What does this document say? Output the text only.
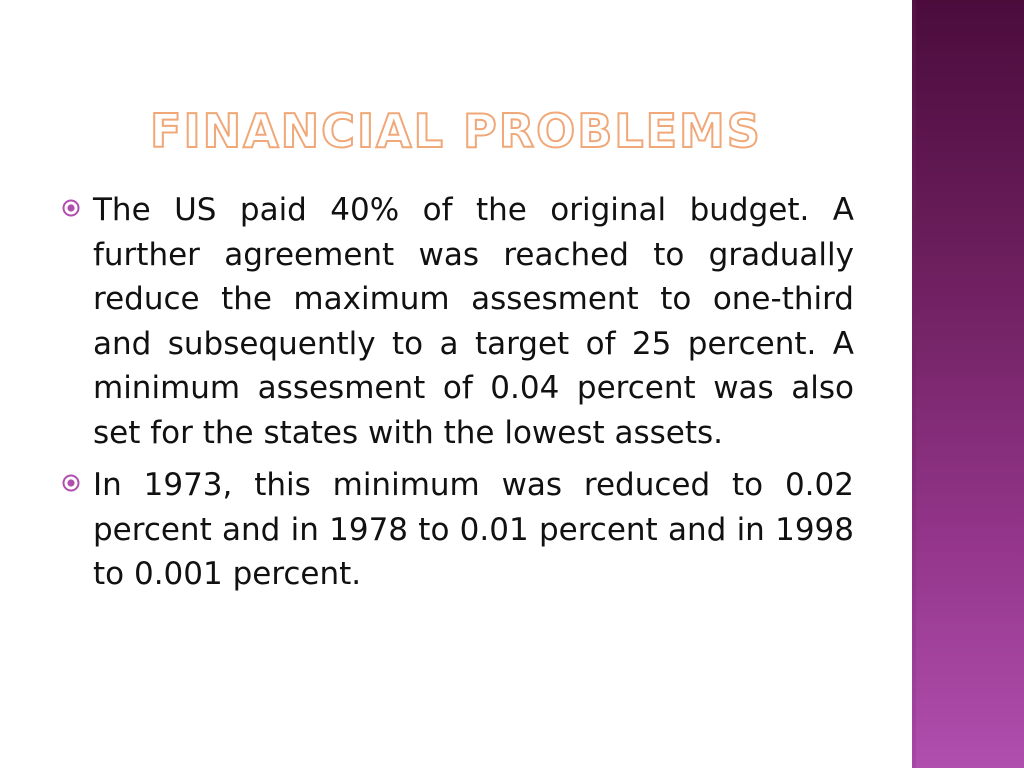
FINANCIAL PROBLEMS
The US paid 40% of the original budget. A further agreement was reached to gradually reduce the maximum assesment to one-third and subsequently to a target of 25 percent. A minimum assesment of 0.04 percent was also set for the states with the lowest assets.
In 1973, this minimum was reduced to 0.02 percent and in 1978 to 0.01 percent and in 1998 to 0.001 percent.
